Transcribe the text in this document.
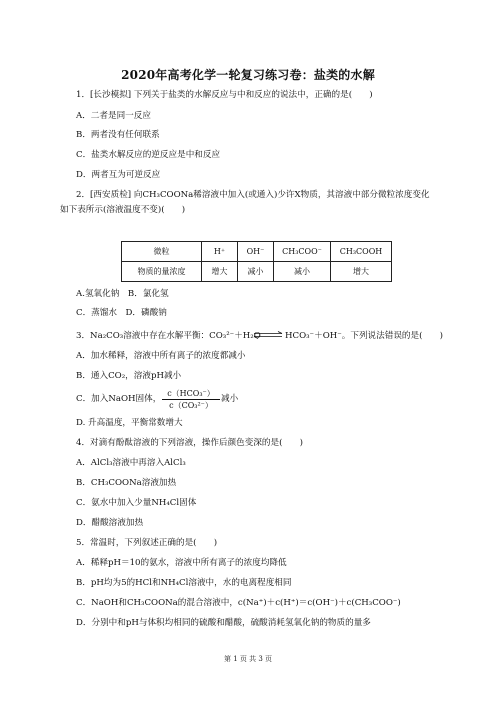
2020年高考化学一轮复习练习卷：盐类的水解
1．[长沙模拟] 下列关于盐类的水解反应与中和反应的说法中，正确的是(　　)
A．二者是同一反应
B．两者没有任何联系
C．盐类水解反应的逆反应是中和反应
D．两者互为可逆反应
2．[西安质检] 向CH₃COONa稀溶液中加入(或通入)少许X物质，其溶液中部分微粒浓度变化
如下表所示(溶液温度不变)(　　)
微粒	H⁺	OH⁻	CH₃COO⁻	CH₃COOH
物质的量浓度	增大	减小	减小	增大
A.氢氧化钠　B．氯化氢
C．蒸馏水　D．磷酸钠
3．Na₂CO₃溶液中存在水解平衡：CO₃²⁻＋H₂O ⇌ HCO₃⁻＋OH⁻。下列说法错误的是(　　)
A．加水稀释，溶液中所有离子的浓度都减小
B．通入CO₂，溶液pH减小
C．加入NaOH固体，
c（HCO₃⁻）
c（CO₃²⁻）
减小
D. 升高温度，平衡常数增大
4．对滴有酚酞溶液的下列溶液，操作后颜色变深的是(　　)
A．AlCl₃溶液中再溶入AlCl₃
B．CH₃COONa溶液加热
C．氨水中加入少量NH₄Cl固体
D．醋酸溶液加热
5．常温时，下列叙述正确的是(　　)
A．稀释pH＝10的氨水，溶液中所有离子的浓度均降低
B．pH均为5的HCl和NH₄Cl溶液中，水的电离程度相同
C．NaOH和CH₃COONa的混合溶液中，c(Na⁺)＋c(H⁺)＝c(OH⁻)＋c(CH₃COO⁻)
D．分别中和pH与体积均相同的硫酸和醋酸，硫酸消耗氢氧化钠的物质的量多
第 1 页 共 3 页
